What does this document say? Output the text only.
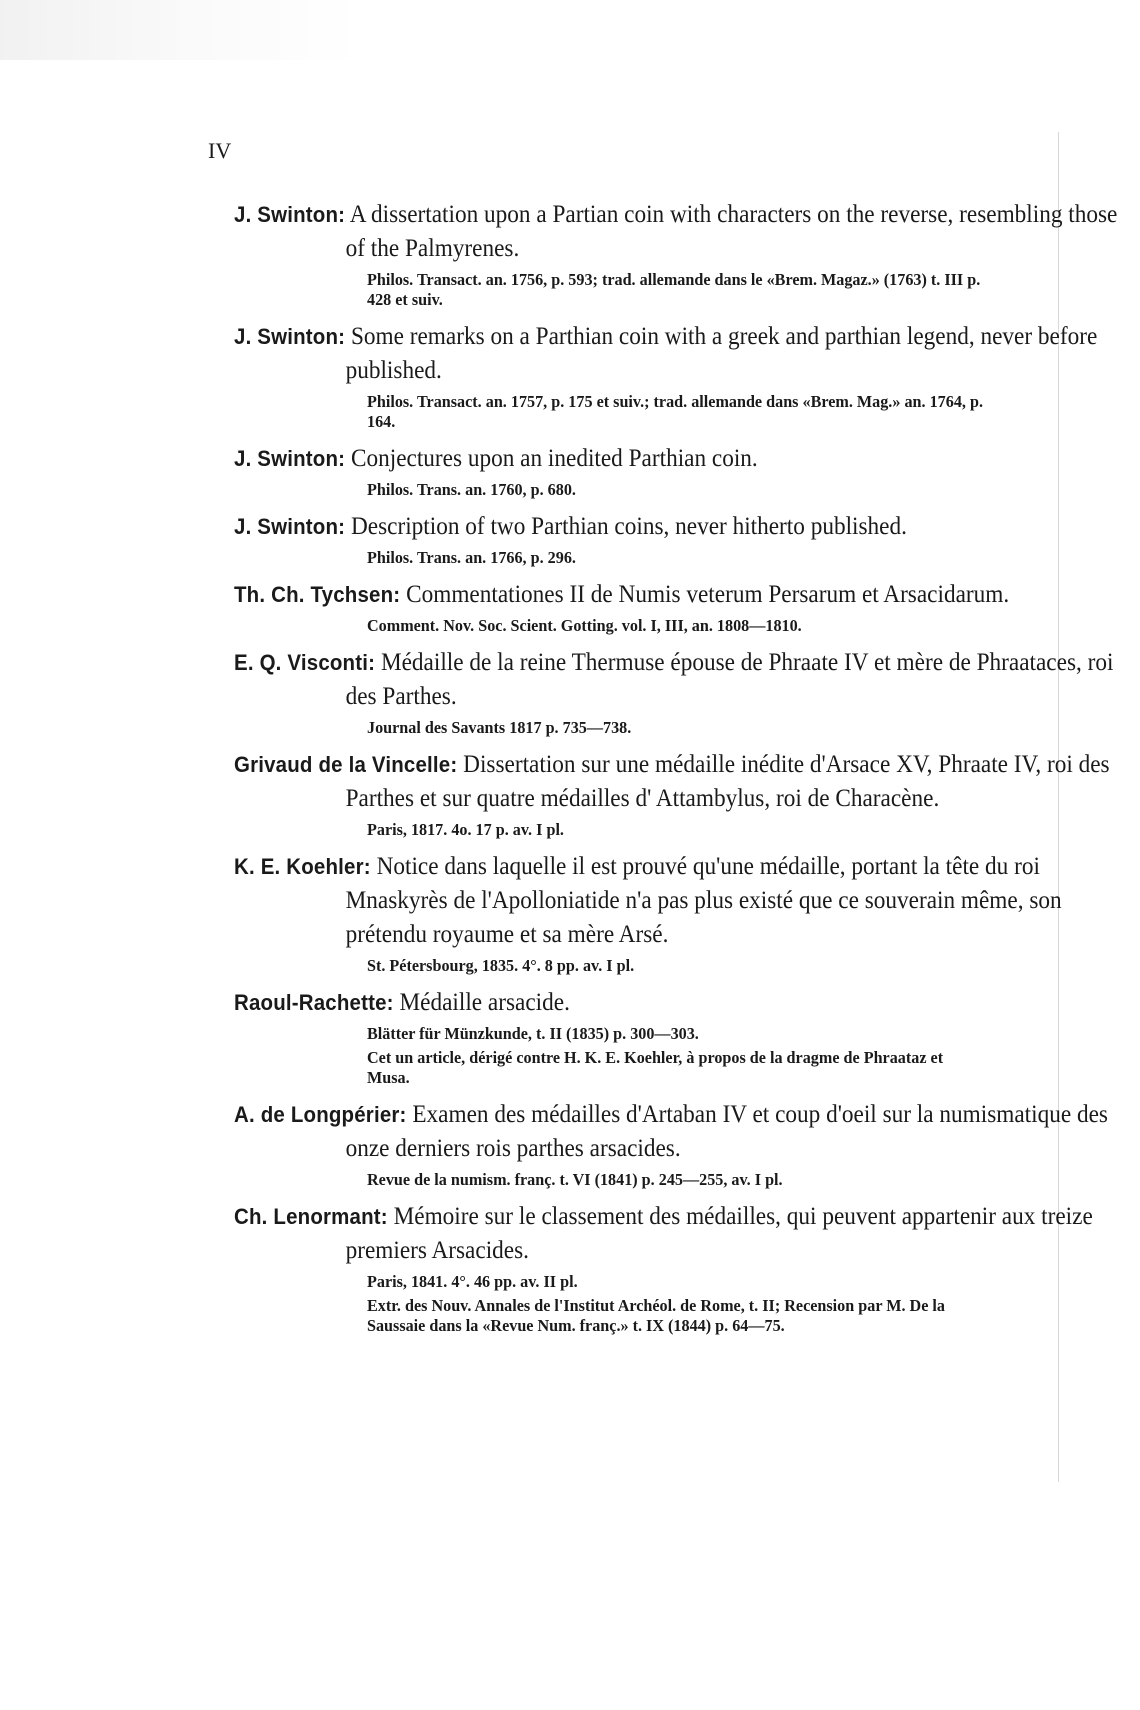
IV
J. Swinton: A dissertation upon a Partian coin with characters on the reverse, resembling those of the Palmyrenes.
Philos. Transact. an. 1756, p. 593; trad. allemande dans le «Brem. Magaz.» (1763) t. III p. 428 et suiv.
J. Swinton: Some remarks on a Parthian coin with a greek and parthian legend, never before published.
Philos. Transact. an. 1757, p. 175 et suiv.; trad. allemande dans «Brem. Mag.» an. 1764, p. 164.
J. Swinton: Conjectures upon an inedited Parthian coin.
Philos. Trans. an. 1760, p. 680.
J. Swinton: Description of two Parthian coins, never hitherto published.
Philos. Trans. an. 1766, p. 296.
Th. Ch. Tychsen: Commentationes II de Numis veterum Persarum et Arsacidarum.
Comment. Nov. Soc. Scient. Gotting. vol. I, III, an. 1808—1810.
E. Q. Visconti: Médaille de la reine Thermuse épouse de Phraate IV et mère de Phraataces, roi des Parthes.
Journal des Savants 1817 p. 735—738.
Grivaud de la Vincelle: Dissertation sur une médaille inédite d'Arsace XV, Phraate IV, roi des Parthes et sur quatre médailles d' Attambylus, roi de Characène.
Paris, 1817. 4o. 17 p. av. I pl.
K. E. Koehler: Notice dans laquelle il est prouvé qu'une médaille, portant la tête du roi Mnaskyrès de l'Apolloniatide n'a pas plus existé que ce souverain même, son prétendu royaume et sa mère Arsé.
St. Pétersbourg, 1835. 4°. 8 pp. av. I pl.
Raoul-Rachette: Médaille arsacide.
Blätter für Münzkunde, t. II (1835) p. 300—303.
Cet un article, dérigé contre H. K. E. Koehler, à propos de la dragme de Phraataz et Musa.
A. de Longpérier: Examen des médailles d'Artaban IV et coup d'oeil sur la numismatique des onze derniers rois parthes arsacides.
Revue de la numism. franç. t. VI (1841) p. 245—255, av. I pl.
Ch. Lenormant: Mémoire sur le classement des médailles, qui peuvent appartenir aux treize premiers Arsacides.
Paris, 1841. 4°. 46 pp. av. II pl.
Extr. des Nouv. Annales de l'Institut Archéol. de Rome, t. II; Recension par M. De la Saussaie dans la «Revue Num. franç.» t. IX (1844) p. 64—75.
